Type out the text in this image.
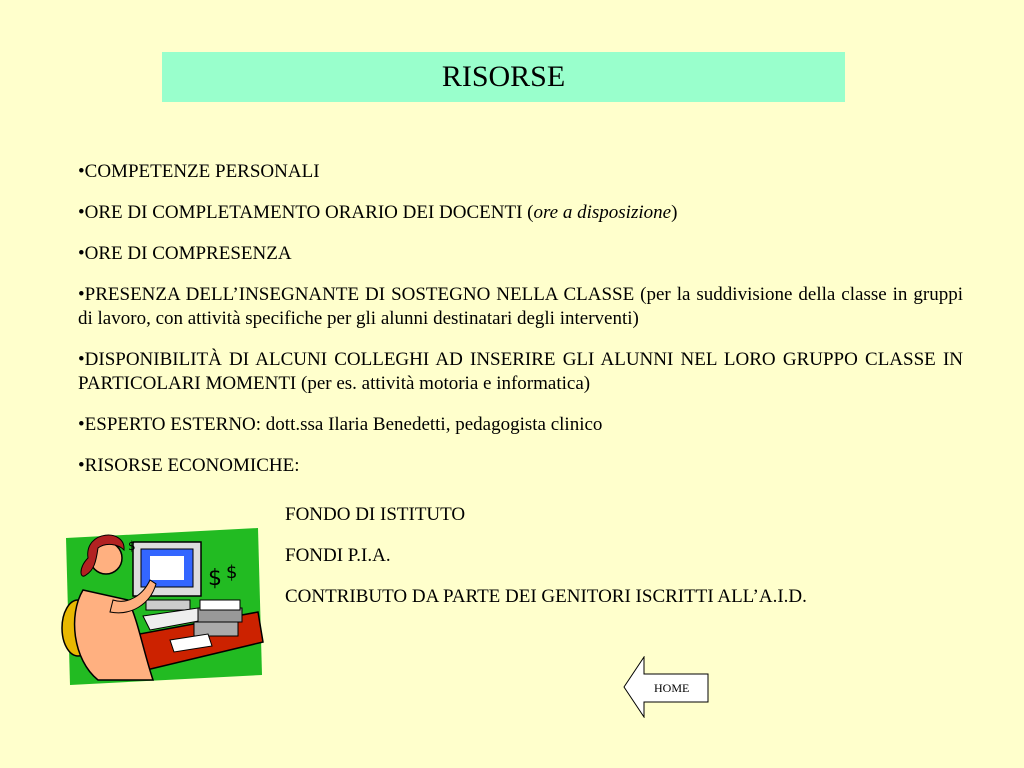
RISORSE

•COMPETENZE PERSONALI

•ORE DI COMPLETAMENTO ORARIO DEI DOCENTI (ore a disposizione)

•ORE DI COMPRESENZA

•PRESENZA DELL’INSEGNANTE DI SOSTEGNO NELLA CLASSE (per la suddivisione della classe in gruppi di lavoro, con attività specifiche per gli alunni destinatari degli interventi)

•DISPONIBILITÀ DI ALCUNI COLLEGHI AD INSERIRE GLI ALUNNI NEL LORO GRUPPO CLASSE IN PARTICOLARI MOMENTI (per es. attività motoria e informatica)

•ESPERTO ESTERNO: dott.ssa Ilaria Benedetti, pedagogista clinico

•RISORSE ECONOMICHE:

FONDO DI ISTITUTO
FONDI P.I.A.
CONTRIBUTO DA PARTE DEI GENITORI ISCRITTI ALL’A.I.D.
$ $
$
HOME
